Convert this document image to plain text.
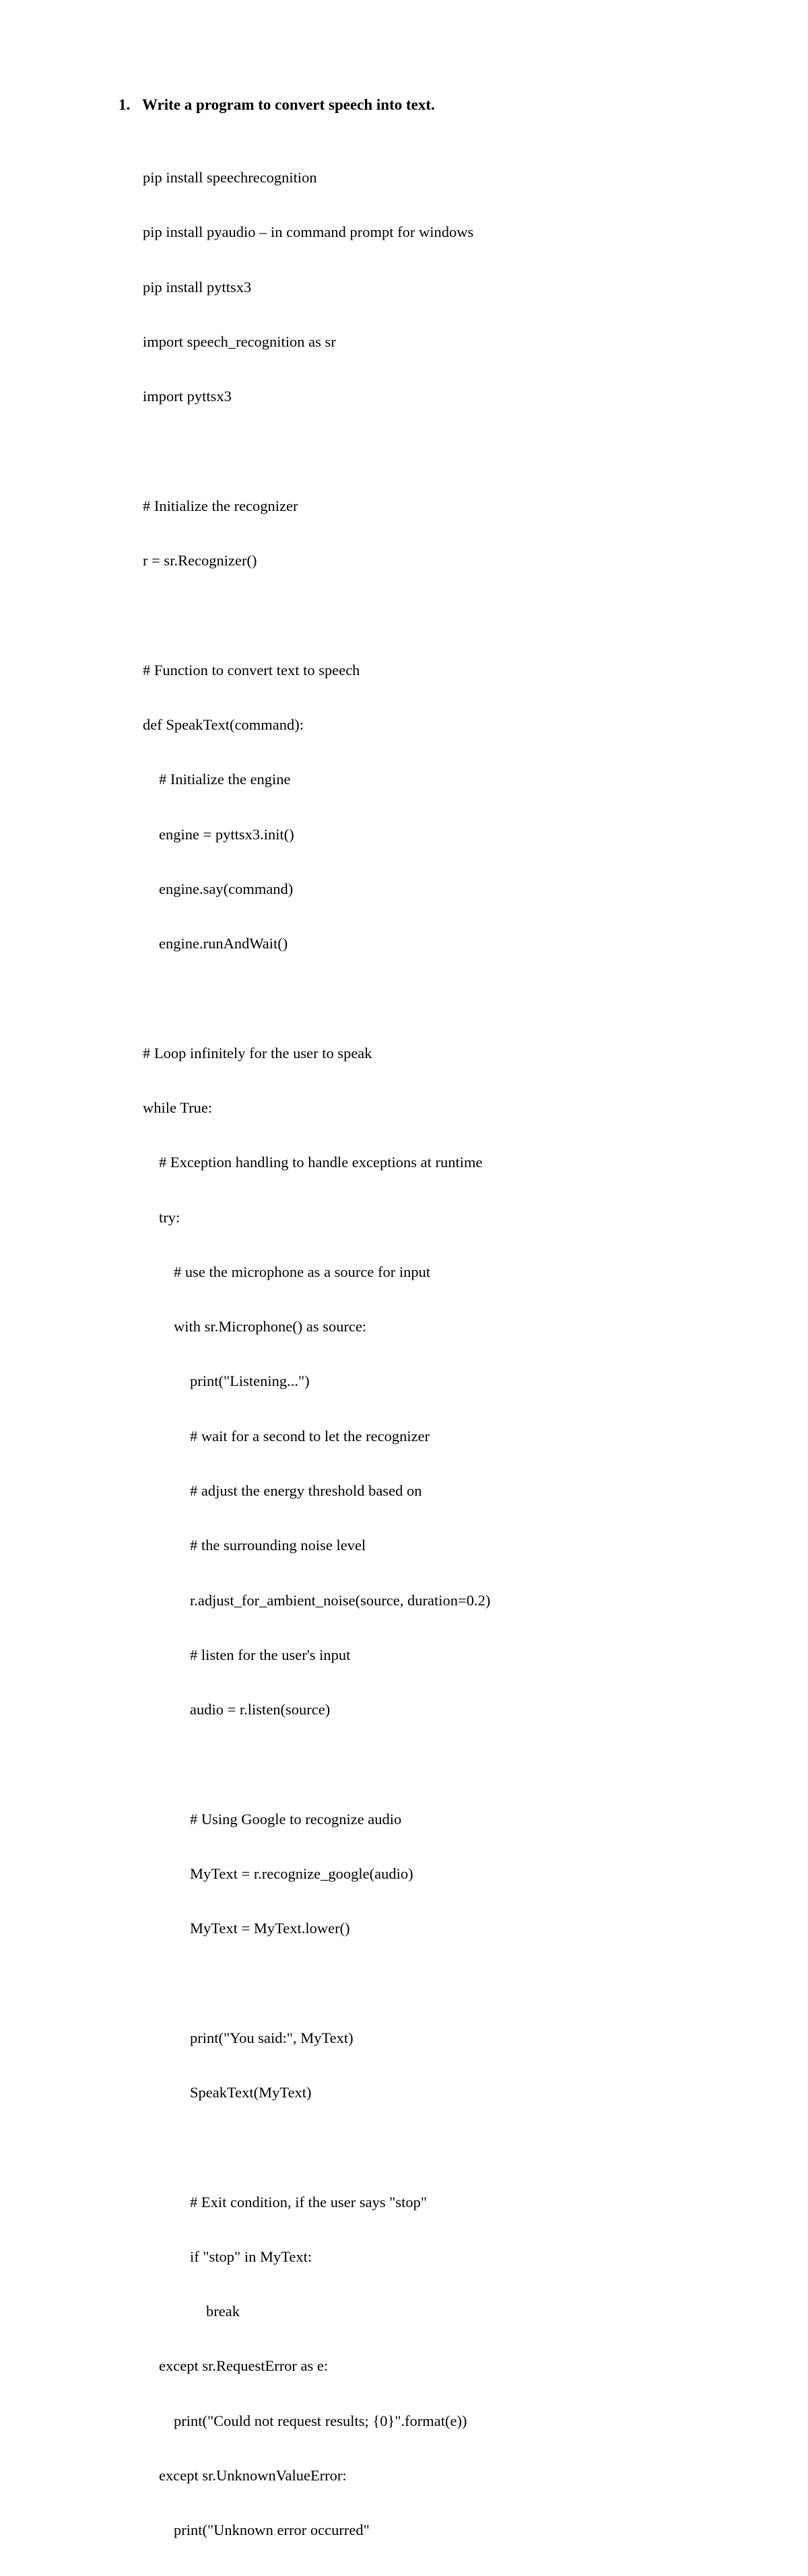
1. Write a program to convert speech into text.

pip install speechrecognition

pip install pyaudio – in command prompt for windows

pip install pyttsx3

import speech_recognition as sr

import pyttsx3

# Initialize the recognizer

r = sr.Recognizer()

# Function to convert text to speech

def SpeakText(command):

# Initialize the engine

engine = pyttsx3.init()

engine.say(command)

engine.runAndWait()

# Loop infinitely for the user to speak

while True:

# Exception handling to handle exceptions at runtime

try:

# use the microphone as a source for input

with sr.Microphone() as source:

print("Listening...")

# wait for a second to let the recognizer

# adjust the energy threshold based on

# the surrounding noise level

r.adjust_for_ambient_noise(source, duration=0.2)

# listen for the user's input

audio = r.listen(source)

# Using Google to recognize audio

MyText = r.recognize_google(audio)

MyText = MyText.lower()

print("You said:", MyText)

SpeakText(MyText)

# Exit condition, if the user says "stop"

if "stop" in MyText:

break

except sr.RequestError as e:

print("Could not request results; {0}".format(e))

except sr.UnknownValueError:

print("Unknown error occurred"
